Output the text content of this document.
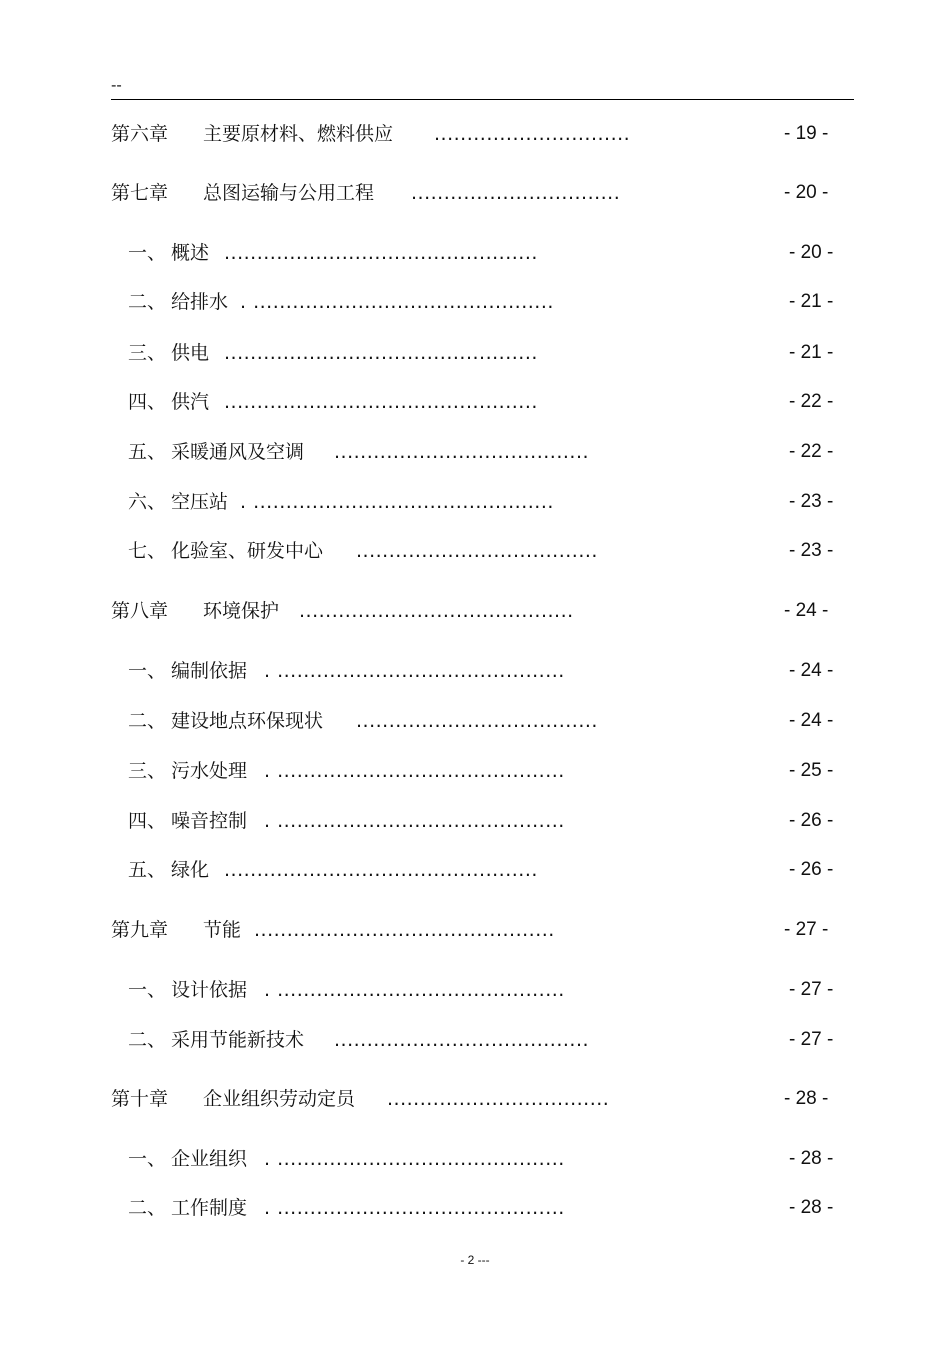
--
第六章 主要原材料、燃料供应 ..............................	- 19 -
第七章 总图运输与公用工程 ................................	- 20 -
一、 概述 ................................................	- 20 -
二、 给排水 . ..............................................	- 21 -
三、 供电 ................................................	- 21 -
四、 供汽 ................................................	- 22 -
五、 采暖通风及空调 .......................................	- 22 -
六、 空压站 . ..............................................	- 23 -
七、 化验室、研发中心 .....................................	- 23 -
第八章 环境保护 ..........................................	- 24 -
一、 编制依据 . ............................................	- 24 -
二、 建设地点环保现状 .....................................	- 24 -
三、 污水处理 . ............................................	- 25 -
四、 噪音控制 . ............................................	- 26 -
五、 绿化 ................................................	- 26 -
第九章 节能 ..............................................	- 27 -
一、 设计依据 . ............................................	- 27 -
二、 采用节能新技术 .......................................	- 27 -
第十章 企业组织劳动定员 ..................................	- 28 -
一、 企业组织 . ............................................	- 28 -
二、 工作制度 . ............................................	- 28 -
- 2 ---
